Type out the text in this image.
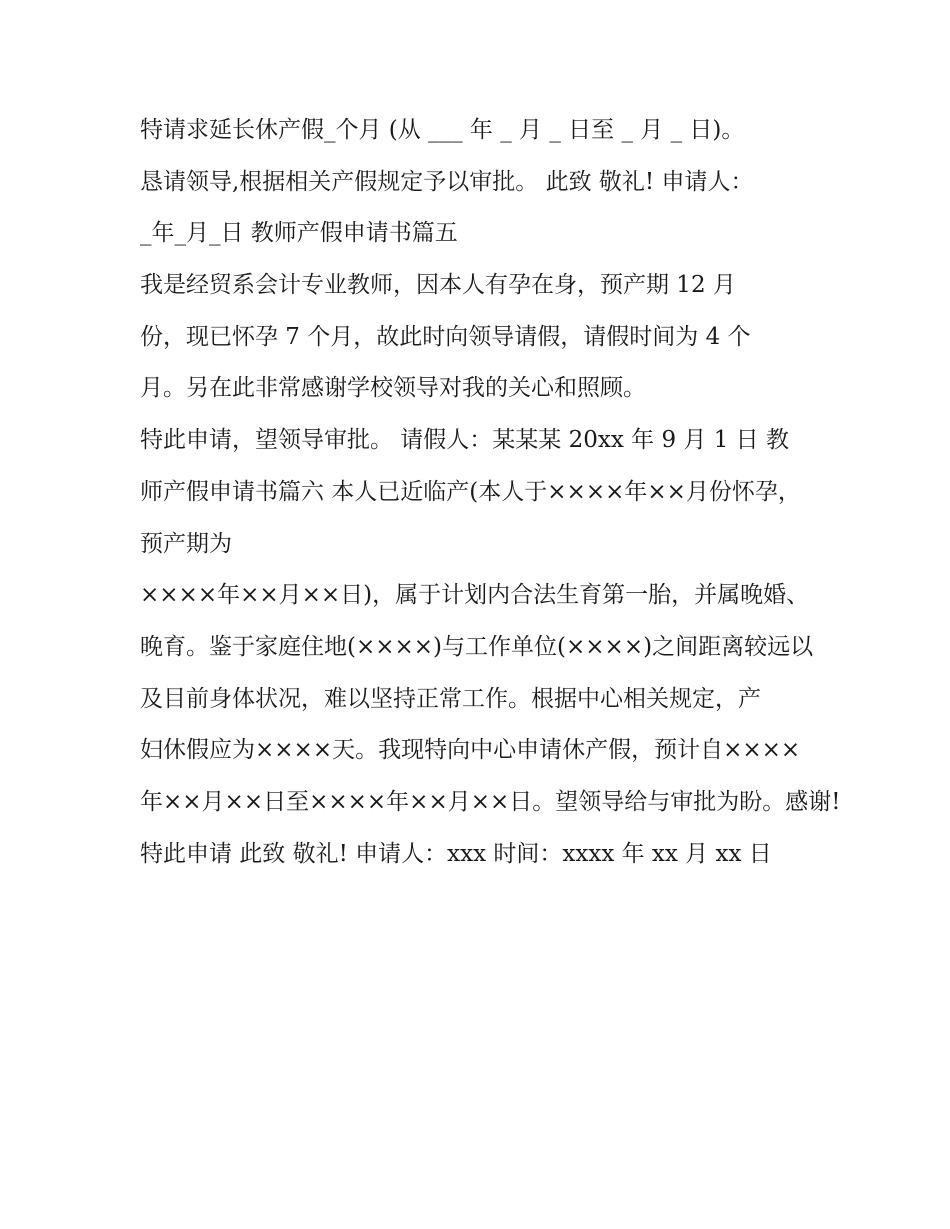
特请求延长休产假_个月 (从 ___ 年 _ 月 _ 日至 _ 月 _ 日)。
恳请领导,根据相关产假规定予以审批。 此致 敬礼! 申请人：
_年_月_日 教师产假申请书篇五
我是经贸系会计专业教师，因本人有孕在身，预产期 12 月
份，现已怀孕 7 个月，故此时向领导请假，请假时间为 4 个
月。另在此非常感谢学校领导对我的关心和照顾。
特此申请，望领导审批。 请假人：某某某 20xx 年 9 月 1 日 教
师产假申请书篇六 本人已近临产(本人于××××年××月份怀孕，
预产期为
××××年××月××日)，属于计划内合法生育第一胎，并属晚婚、
晚育。鉴于家庭住地(××××)与工作单位(××××)之间距离较远以
及目前身体状况，难以坚持正常工作。根据中心相关规定，产
妇休假应为××××天。我现特向中心申请休产假，预计自××××
年××月××日至××××年××月××日。望领导给与审批为盼。感谢!
特此申请 此致 敬礼! 申请人：xxx 时间：xxxx 年 xx 月 xx 日
